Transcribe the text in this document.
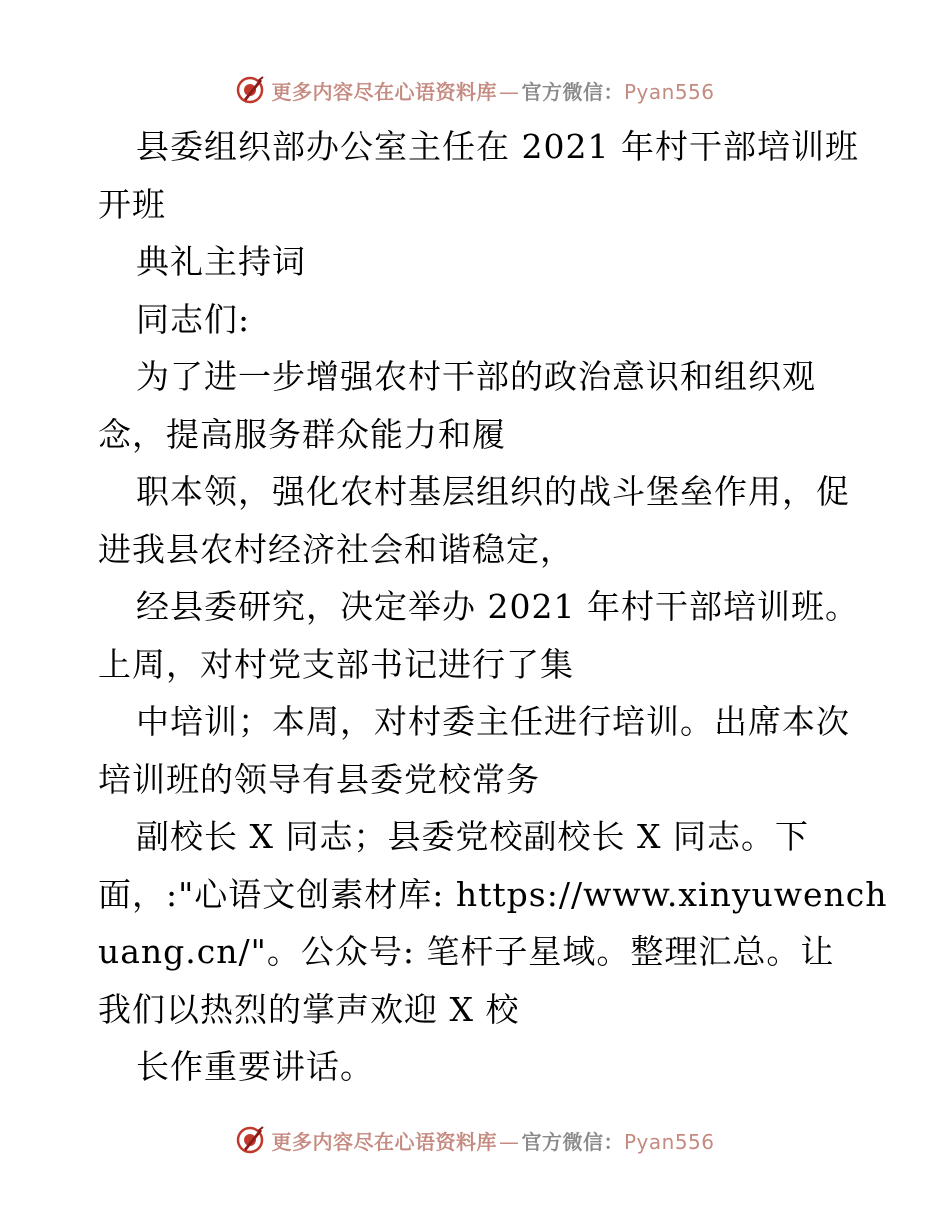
更多内容尽在心语资料库 — 官方微信：Pyan556
县委组织部办公室主任在 2021 年村干部培训班
开班
典礼主持词
同志们:
为了进一步增强农村干部的政治意识和组织观
念，提高服务群众能力和履
职本领，强化农村基层组织的战斗堡垒作用，促
进我县农村经济社会和谐稳定，
经县委研究，决定举办 2021 年村干部培训班。
上周，对村党支部书记进行了集
中培训；本周，对村委主任进行培训。出席本次
培训班的领导有县委党校常务
副校长 X 同志；县委党校副校长 X 同志。下
面，:"心语文创素材库: https://www.xinyuwench
uang.cn/"。公众号: 笔杆子星域。整理汇总。让
我们以热烈的掌声欢迎 X 校
长作重要讲话。
更多内容尽在心语资料库 — 官方微信：Pyan556
